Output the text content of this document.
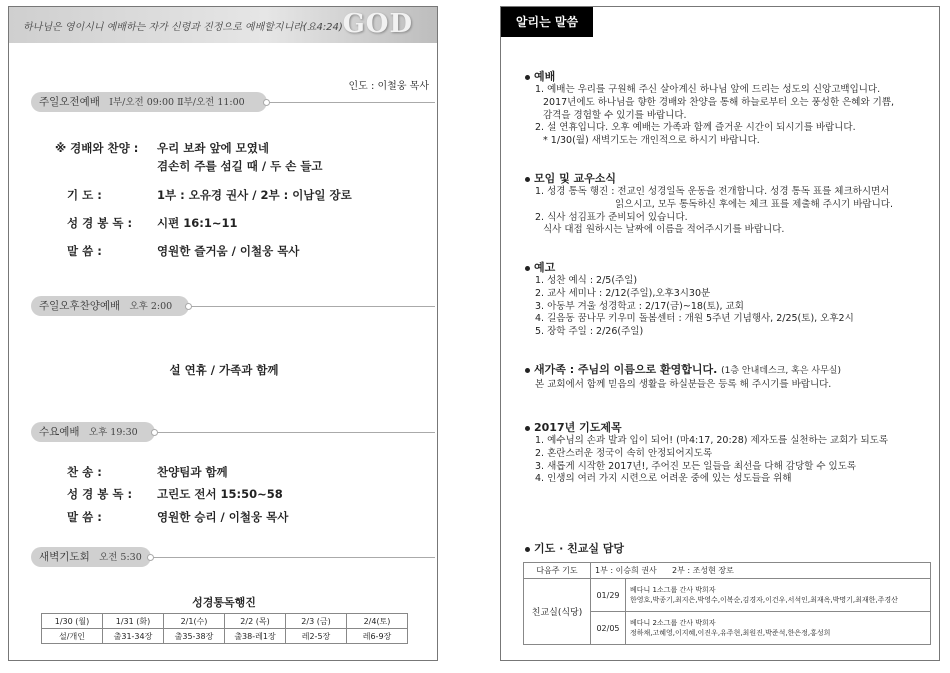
하나님은 영이시니 예배하는 자가 신령과 진정으로 예배할지니라(요4:24) GOD
인도 : 이철웅 목사
주일오전예배 Ⅰ부/오전 09:00 Ⅱ부/오전 11:00
※ 경배와 찬양 : 우리 보좌 앞에 모였네
겸손히 주를 섬길 때 / 두 손 들고
기 도 :	1부 : 오유경 권사 / 2부 : 이남일 장로
성 경 봉 독 : 시편 16:1~11
말 씀 :	영원한 즐거움 / 이철웅 목사
주일오후찬양예배 오후 2:00
설 연휴 / 가족과 함께
수요예배 오후 19:30
찬 송 :	찬양팀과 함께
성 경 봉 독 : 고린도 전서 15:50~58
말 씀 :	영원한 승리 / 이철웅 목사
새벽기도회 오전 5:30
성경통독행진
1/30 (월)	1/31 (화)	2/1(수)	2/2 (목)	2/3 (금)	2/4(토)
설/개인	출31-34장	출35-38장	출38-레1장	레2-5장	레6-9장
알리는 말씀
예배
1. 예배는 우리를 구원해 주신 살아계신 하나님 앞에 드리는 성도의 신앙고백입니다.
2017년에도 하나님을 향한 경배와 찬양을 통해 하늘로부터 오는 풍성한 은혜와 기쁨,
감격을 경험할 수 있기를 바랍니다.
2. 설 연휴입니다. 오후 예배는 가족과 함께 즐거운 시간이 되시기를 바랍니다.
* 1/30(월) 새벽기도는 개인적으로 하시기 바랍니다.
모임 및 교우소식
1. 성경 통독 행진 : 전교인 성경일독 운동을 전개합니다. 성경 통독 표를 체크하시면서
읽으시고, 모두 통독하신 후에는 체크 표를 제출해 주시기 바랍니다.
2. 식사 섬김표가 준비되어 있습니다.
식사 대접 원하시는 날짜에 이름을 적어주시기를 바랍니다.
예고
1. 성찬 예식 : 2/5(주일)
2. 교사 세미나 : 2/12(주일),오후3시30분
3. 아동부 겨울 성경학교 : 2/17(금)~18(토), 교회
4. 길음동 꿈나무 키우미 돌봄센터 : 개원 5주년 기념행사, 2/25(토), 오후2시
5. 장학 주일 : 2/26(주일)
새가족 : 주님의 이름으로 환영합니다. (1층 안내데스크, 혹은 사무실)
본 교회에서 함께 믿음의 생활을 하실분들은 등록 해 주시기를 바랍니다.
2017년 기도제목
1. 예수님의 손과 발과 입이 되어! (마4:17, 20:28) 제자도를 실천하는 교회가 되도록
2. 혼란스러운 정국이 속히 안정되어지도록
3. 새롭게 시작한 2017년!, 주어진 모든 일들을 최선을 다해 감당할 수 있도록
4. 인생의 여러 가지 시련으로 어려운 중에 있는 성도들을 위해
기도 · 친교실 담당
다음주 기도	1부 : 이승희 권사      2부 : 조성현 장로	
친교실(식당)	01/29	베다니 1소그룹 간사 박희자
한영호,박종기,최지은,박영수,이복순,김경자,이건우,서석인,최재옥,박명기,최재한,주경산

	02/05	베다니 2소그룹 간사 박희자
정하채,고혜영,이지혜,이진우,유주현,최원진,박준석,한은정,홍성희
